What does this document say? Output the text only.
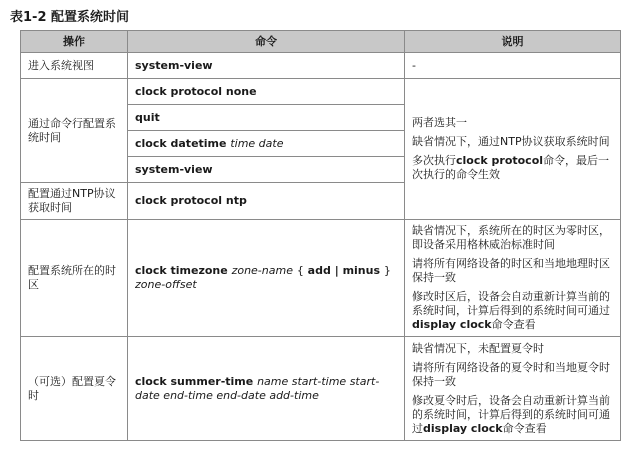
表1-2 配置系统时间
操作	命令	说明
进入系统视图	system-view	-
通过命令行配置系统时间	clock protocol none	两者选其一

缺省情况下，通过NTP协议获取系统时间

多次执行clock protocol命令，最后一次执行的命令生效

	quit	
	clock datetime time date	
	system-view	
配置通过NTP协议获取时间	clock protocol ntp	
配置系统所在的时区	clock timezone zone-name { add | minus } zone-offset	缺省情况下，系统所在的时区为零时区，即设备采用格林威治标准时间

请将所有网络设备的时区和当地地理时区保持一致

修改时区后，设备会自动重新计算当前的系统时间，计算后得到的系统时间可通过display clock命令查看

（可选）配置夏令时	clock summer-time name start-time start-date end-time end-date add-time	缺省情况下，未配置夏令时

请将所有网络设备的夏令时和当地夏令时保持一致

修改夏令时后，设备会自动重新计算当前的系统时间，计算后得到的系统时间可通过display clock命令查看
